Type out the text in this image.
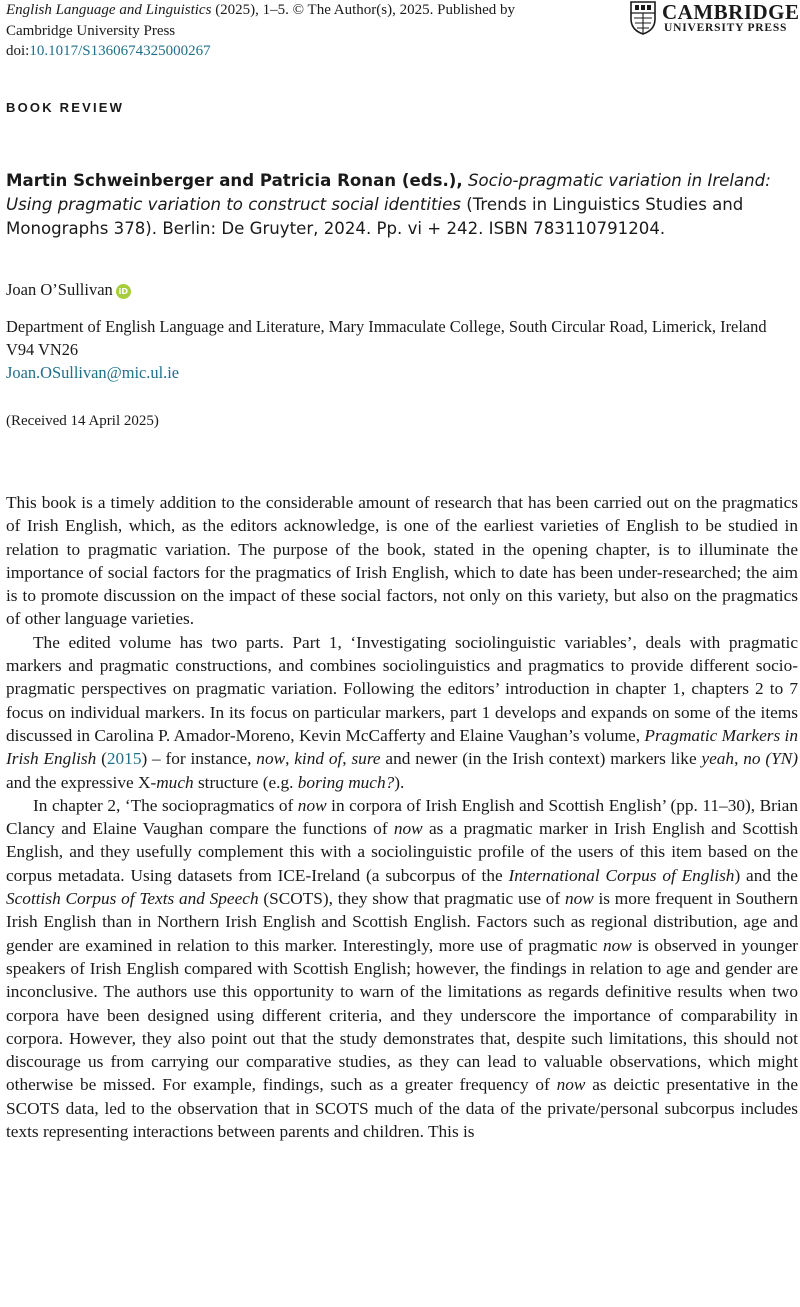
English Language and Linguistics (2025), 1–5. © The Author(s), 2025. Published by
Cambridge University Press
doi:10.1017/S1360674325000267
CAMBRIDGE
UNIVERSITY PRESS
BOOK REVIEW
Martin Schweinberger and Patricia Ronan (eds.), Socio-pragmatic variation in Ireland: Using pragmatic variation to construct social identities (Trends in Linguistics Studies and Monographs 378). Berlin: De Gruyter, 2024. Pp. vi + 242. ISBN 783110791204.
Joan O’Sullivan iD
Department of English Language and Literature, Mary Immaculate College, South Circular Road, Limerick, Ireland V94 VN26
Joan.OSullivan@mic.ul.ie
(Received 14 April 2025)

This book is a timely addition to the considerable amount of research that has been carried out on the pragmatics of Irish English, which, as the editors acknowledge, is one of the earliest varieties of English to be studied in relation to pragmatic variation. The purpose of the book, stated in the opening chapter, is to illuminate the importance of social factors for the pragmatics of Irish English, which to date has been under-researched; the aim is to promote discussion on the impact of these social factors, not only on this variety, but also on the pragmatics of other language varieties.

The edited volume has two parts. Part 1, ‘Investigating sociolinguistic variables’, deals with pragmatic markers and pragmatic constructions, and combines sociolinguistics and pragmatics to provide different socio-pragmatic perspectives on pragmatic variation. Following the editors’ introduction in chapter 1, chapters 2 to 7 focus on individual markers. In its focus on particular markers, part 1 develops and expands on some of the items discussed in Carolina P. Amador-Moreno, Kevin McCafferty and Elaine Vaughan’s volume, Pragmatic Markers in Irish English (2015) – for instance, now, kind of, sure and newer (in the Irish context) markers like yeah, no (YN) and the expressive X-much structure (e.g. boring much?).

In chapter 2, ‘The sociopragmatics of now in corpora of Irish English and Scottish English’ (pp. 11–30), Brian Clancy and Elaine Vaughan compare the functions of now as a pragmatic marker in Irish English and Scottish English, and they usefully complement this with a sociolinguistic profile of the users of this item based on the corpus metadata. Using datasets from ICE-Ireland (a subcorpus of the International Corpus of English) and the Scottish Corpus of Texts and Speech (SCOTS), they show that pragmatic use of now is more frequent in Southern Irish English than in Northern Irish English and Scottish English. Factors such as regional distribution, age and gender are examined in relation to this marker. Interestingly, more use of pragmatic now is observed in younger speakers of Irish English compared with Scottish English; however, the findings in relation to age and gender are inconclusive. The authors use this opportunity to warn of the limitations as regards definitive results when two corpora have been designed using different criteria, and they underscore the importance of comparability in corpora. However, they also point out that the study demonstrates that, despite such limitations, this should not discourage us from carrying our comparative studies, as they can lead to valuable observations, which might otherwise be missed. For example, findings, such as a greater frequency of now as deictic presentative in the SCOTS data, led to the observation that in SCOTS much of the data of the private/personal subcorpus includes texts representing interactions between parents and children. This is
